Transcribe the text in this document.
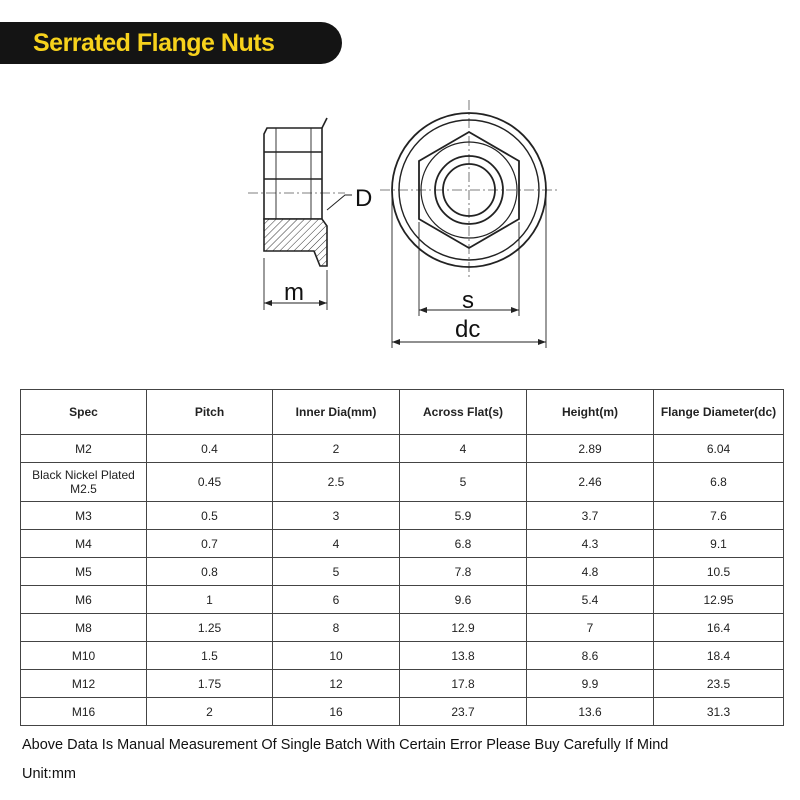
Serrated Flange Nuts
D
m	s
dc
Spec	Pitch	Inner Dia(mm)	Across Flat(s)	Height(m)	Flange Diameter(dc)
M2	0.4	2	4	2.89	6.04
Black Nickel Plated M2.5	0.45	2.5	5	2.46	6.8
M3	0.5	3	5.9	3.7	7.6
M4	0.7	4	6.8	4.3	9.1
M5	0.8	5	7.8	4.8	10.5
M6	1	6	9.6	5.4	12.95
M8	1.25	8	12.9	7	16.4
M10	1.5	10	13.8	8.6	18.4
M12	1.75	12	17.8	9.9	23.5
M16	2	16	23.7	13.6	31.3
Above Data Is Manual Measurement Of Single Batch With Certain Error Please Buy Carefully If Mind
Unit:mm
